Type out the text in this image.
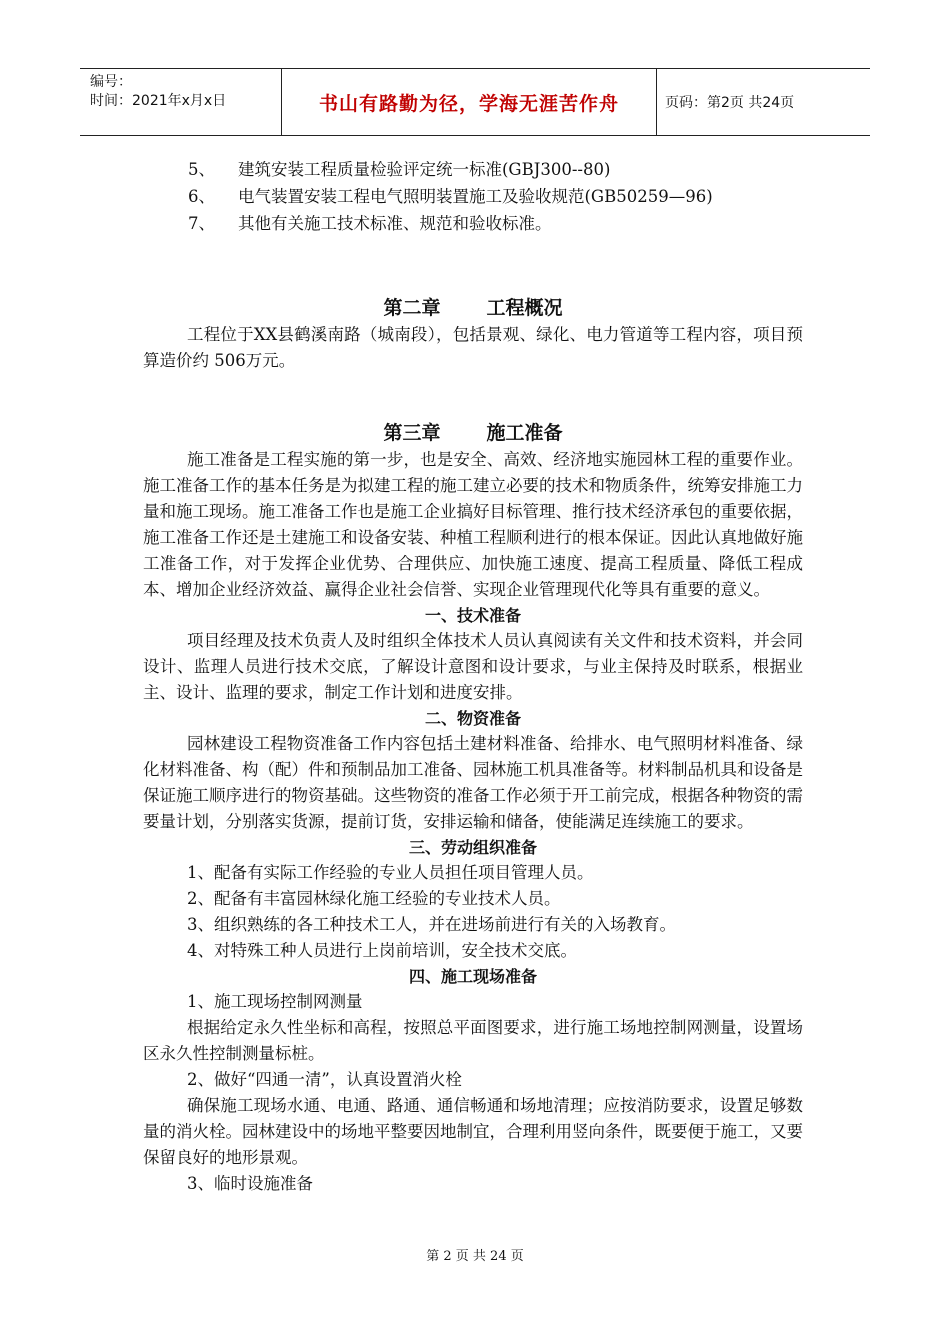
编号：
时间：2021年x月x日	书山有路勤为径，学海无涯苦作舟	页码：第2页 共24页
5、 建筑安装工程质量检验评定统一标准(GBJ300--80)
6、 电气装置安装工程电气照明装置施工及验收规范(GB50259—96)
7、 其他有关施工技术标准、规范和验收标准。
第二章 工程概况

工程位于XX县鹤溪南路（城南段），包括景观、绿化、电力管道等工程内容，项目预算造价约 506万元。

第三章 施工准备

施工准备是工程实施的第一步，也是安全、高效、经济地实施园林工程的重要作业。施工准备工作的基本任务是为拟建工程的施工建立必要的技术和物质条件，统筹安排施工力量和施工现场。施工准备工作也是施工企业搞好目标管理、推行技术经济承包的重要依据，施工准备工作还是土建施工和设备安装、种植工程顺利进行的根本保证。因此认真地做好施工准备工作，对于发挥企业优势、合理供应、加快施工速度、提高工程质量、降低工程成本、增加企业经济效益、赢得企业社会信誉、实现企业管理现代化等具有重要的意义。

一、技术准备

项目经理及技术负责人及时组织全体技术人员认真阅读有关文件和技术资料，并会同设计、监理人员进行技术交底，了解设计意图和设计要求，与业主保持及时联系，根据业主、设计、监理的要求，制定工作计划和进度安排。

二、物资准备

园林建设工程物资准备工作内容包括土建材料准备、给排水、电气照明材料准备、绿化材料准备、构（配）件和预制品加工准备、园林施工机具准备等。材料制品机具和设备是保证施工顺序进行的物资基础。这些物资的准备工作必须于开工前完成，根据各种物资的需要量计划，分别落实货源，提前订货，安排运输和储备，使能满足连续施工的要求。

三、劳动组织准备
1、配备有实际工作经验的专业人员担任项目管理人员。
2、配备有丰富园林绿化施工经验的专业技术人员。
3、组织熟练的各工种技术工人，并在进场前进行有关的入场教育。
4、对特殊工种人员进行上岗前培训，安全技术交底。
四、施工现场准备
1、施工现场控制网测量

根据给定永久性坐标和高程，按照总平面图要求，进行施工场地控制网测量，设置场区永久性控制测量标桩。

2、做好“四通一清”，认真设置消火栓

确保施工现场水通、电通、路通、通信畅通和场地清理；应按消防要求，设置足够数量的消火栓。园林建设中的场地平整要因地制宜，合理利用竖向条件，既要便于施工，又要保留良好的地形景观。

3、临时设施准备
第 2 页 共 24 页
